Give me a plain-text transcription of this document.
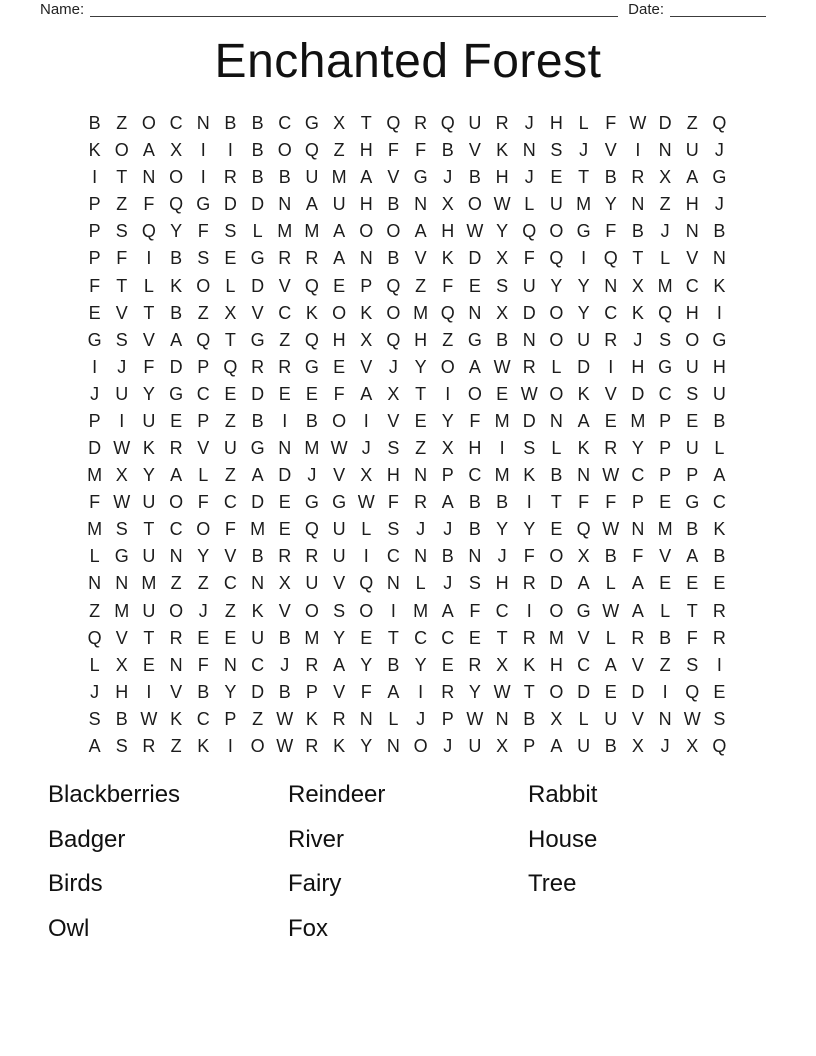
Name:	Date:
Enchanted Forest
B Z O C N B B C G X T Q R Q U R J H L F W D Z Q
K O A X	I	I	B O Q Z H F F B V K N S J V	I	N U J
I	T N O I	R B B U M A V G J B H J E T B R X A G
P Z F Q G D D N A U H B N X O W L U M Y N Z H J
P S Q Y F S L M M A O O A H W Y Q O G F B J N B
P F	I	B S E G R R A N B V K D X F Q I Q T L V N
F T L K O L D V Q E P Q Z F E S U Y Y N X M C K
E V T B Z X V C K O K O M Q N X D O Y C K Q H	I
G S V A Q T G Z Q H X Q H Z G B N O U R J S O G
I	J F D P Q R R G E V J Y O A W R L D	I	H G U H
J U Y G C E D E E F A X T	I O E W O K V D C S U
P	I	U E P Z B	I	B O I	V E Y F M D N A E M P E B
D W K R V U G N M W J S Z X H	I	S L K R Y P U L
M X Y A L Z A D J V X H N P C M K B N W C P P A
F W U O F C D E G G W F R A B B	I	T F F P E G C
M S T C O F M E Q U L S J	J B Y Y E Q W N M B K
L G U N Y V B R R U	I	C N B N J F O X B F V A B
N N M Z Z C N X U V Q N L J S H R D A L A E E E
Z M U O J Z K V O S O I M A F C	I O G W A L T R
Q V T R E E U B M Y E T C C E T R M V L R B F R
L X E N F N C J R A Y B Y E R X K H C A V Z S	I
J H	I	V B Y D B P V F A	I	R Y W T O D E D	I Q E
S B W K C P Z W K R N L J P W N B X L U V N W S
A S R Z K	I O W R K Y N O J U X P A U B X J X Q
Blackberries
Badger
Birds
Owl
Reindeer
River
Fairy
Fox
Rabbit
House
Tree
